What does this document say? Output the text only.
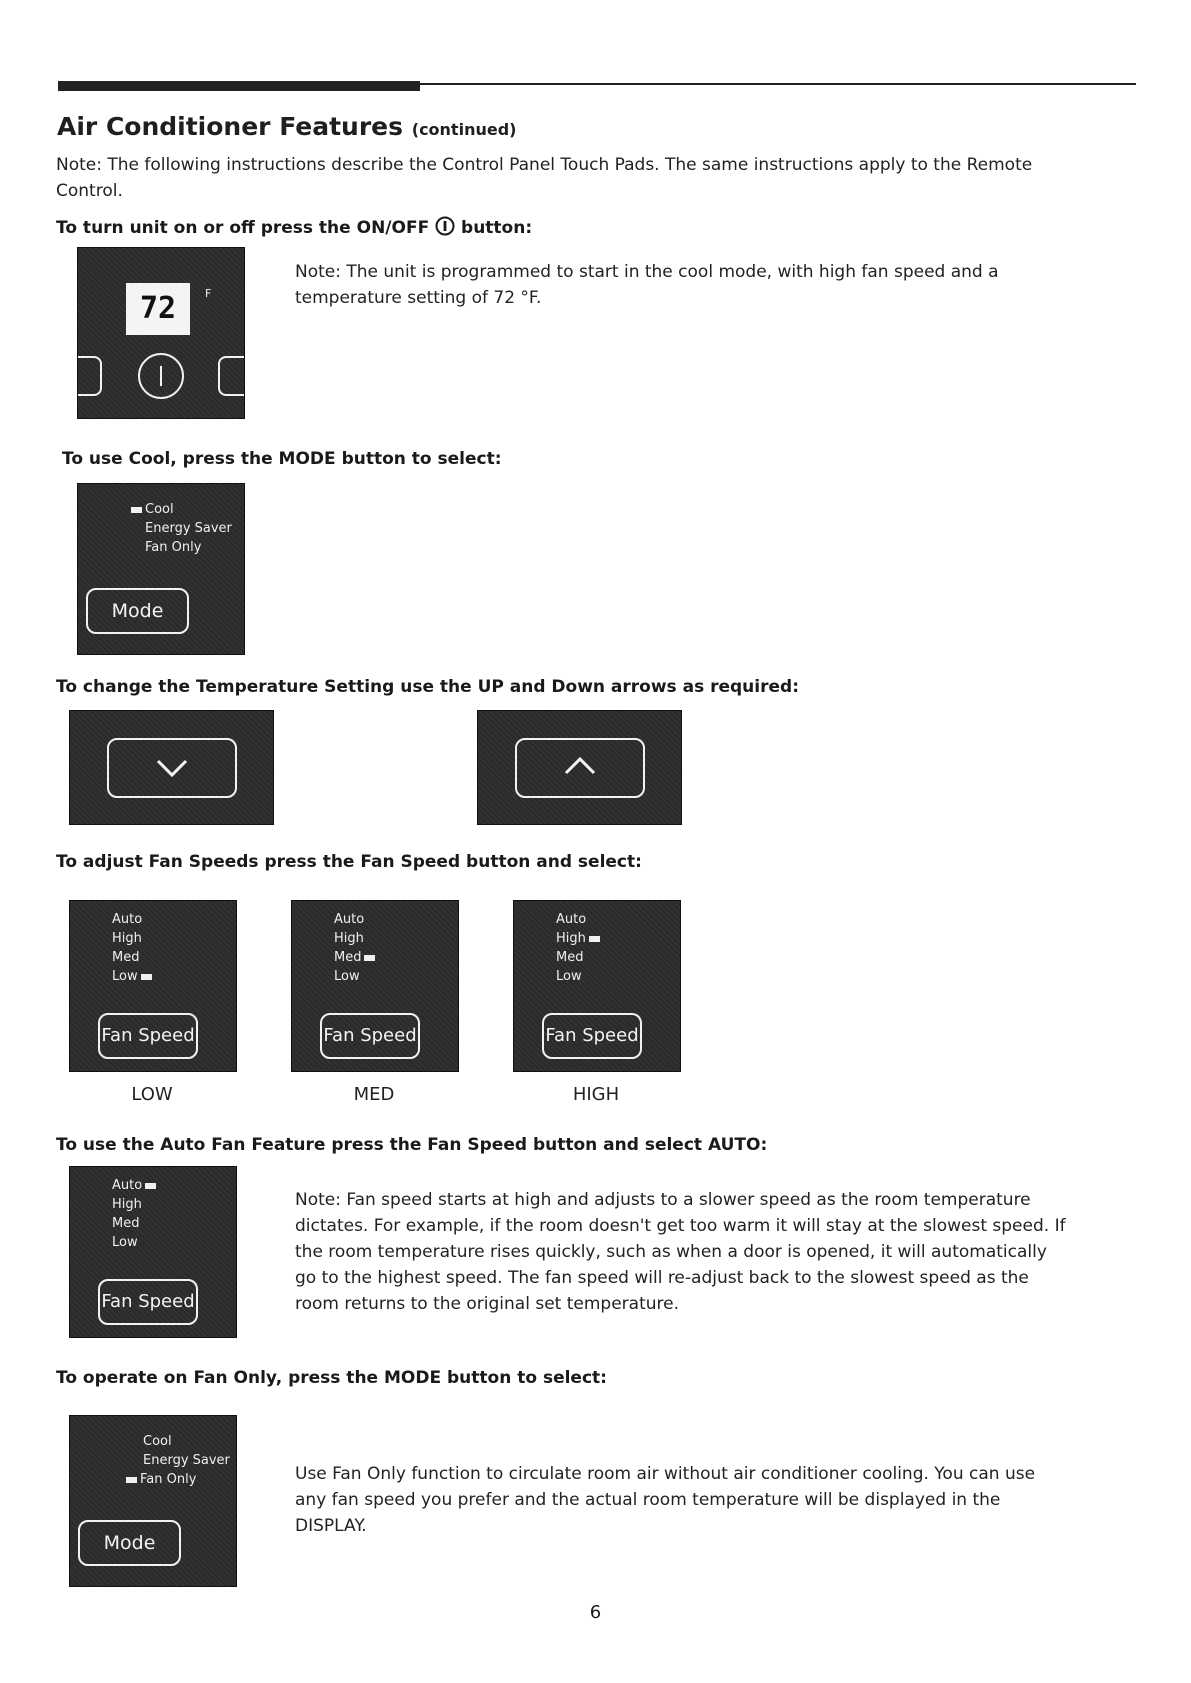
Air Conditioner Features (continued)
Note: The following instructions describe the Control Panel Touch Pads. The same instructions apply to the Remote Control.
To turn unit on or off press the ON/OFF button:
72	F
Note: The unit is programmed to start in the cool mode, with high fan speed and a temperature setting of 72 °F.
To use Cool, press the MODE button to select:
Cool
Energy Saver
Fan Only
Mode
To change the Temperature Setting use the UP and Down arrows as required:
To adjust Fan Speeds press the Fan Speed button and select:
Auto
High
Med
Low
Fan Speed
LOW
Auto
High
Med
Low
Fan Speed
MED
Auto
High
Med
Low
Fan Speed
HIGH
To use the Auto Fan Feature press the Fan Speed button and select AUTO:
Auto
High
Med
Low
Fan Speed
Note: Fan speed starts at high and adjusts to a slower speed as the room temperature dictates. For example, if the room doesn't get too warm it will stay at the slowest speed. If the room temperature rises quickly, such as when a door is opened, it will automatically go to the highest speed. The fan speed will re-adjust back to the slowest speed as the room returns to the original set temperature.
To operate on Fan Only, press the MODE button to select:
Cool
Energy Saver
Fan Only
Mode
Use Fan Only function to circulate room air without air conditioner cooling. You can use any fan speed you prefer and the actual room temperature will be displayed in the DISPLAY.
6
